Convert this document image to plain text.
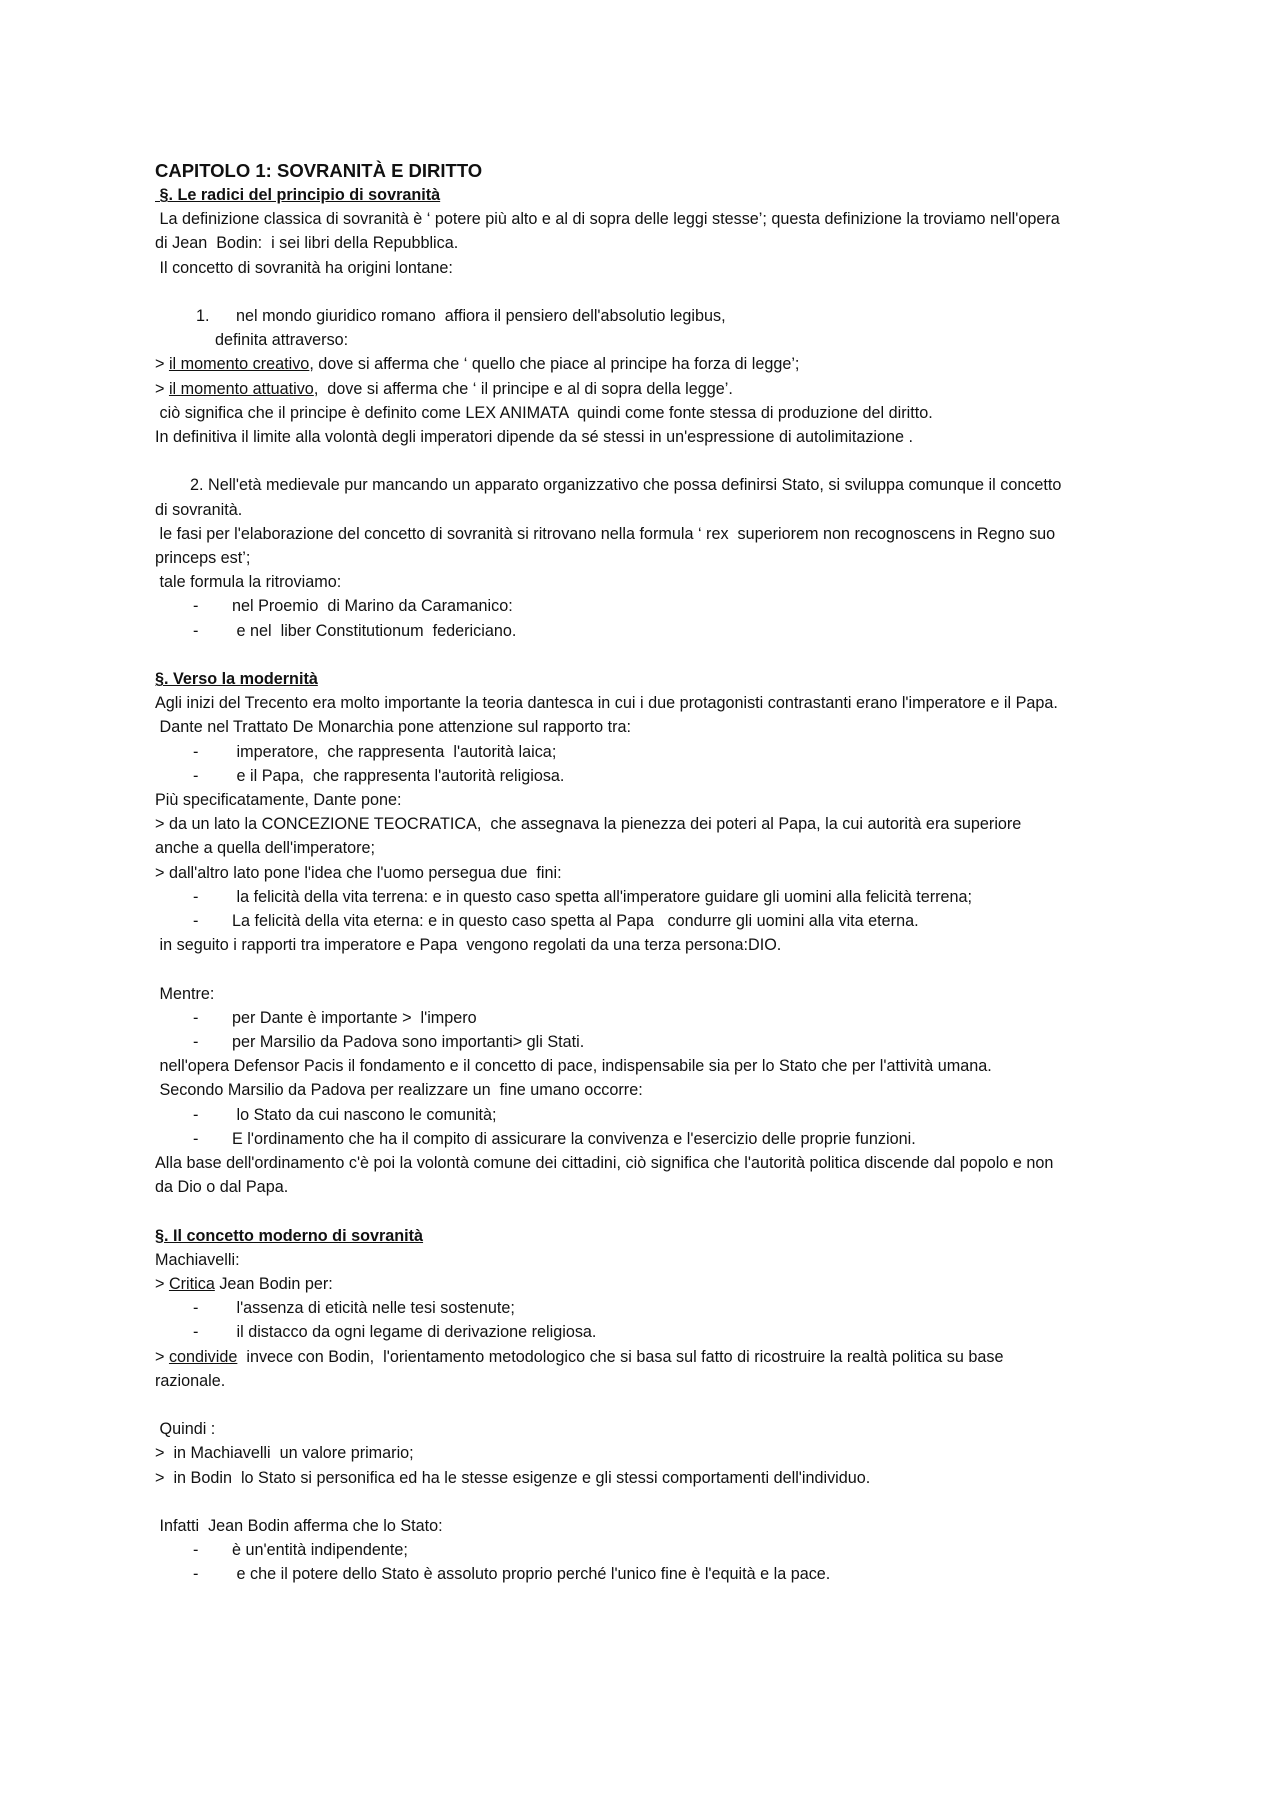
CAPITOLO 1: SOVRANITÀ E DIRITTO
§. Le radici del principio di sovranità
La definizione classica di sovranità è ‘ potere più alto e al di sopra delle leggi stesse’; questa definizione la troviamo nell'opera
di Jean  Bodin:  i sei libri della Repubblica.
Il concetto di sovranità ha origini lontane:
1. nel mondo giuridico romano  affiora il pensiero dell'absolutio legibus,
definita attraverso:
> il momento creativo, dove si afferma che ‘ quello che piace al principe ha forza di legge’;
> il momento attuativo,  dove si afferma che ‘ il principe e al di sopra della legge’.
ciò significa che il principe è definito come LEX ANIMATA  quindi come fonte stessa di produzione del diritto.
In definitiva il limite alla volontà degli imperatori dipende da sé stessi in un'espressione di autolimitazione .
2. Nell'età medievale pur mancando un apparato organizzativo che possa definirsi Stato, si sviluppa comunque il concetto
di sovranità.
le fasi per l'elaborazione del concetto di sovranità si ritrovano nella formula ‘ rex  superiorem non recognoscens in Regno suo
princeps est’;
tale formula la ritroviamo:
- nel Proemio  di Marino da Caramanico:
- e nel  liber Constitutionum  federiciano.
§. Verso la modernità
Agli inizi del Trecento era molto importante la teoria dantesca in cui i due protagonisti contrastanti erano l'imperatore e il Papa.
Dante nel Trattato De Monarchia pone attenzione sul rapporto tra:
- imperatore,  che rappresenta  l'autorità laica;
- e il Papa,  che rappresenta l'autorità religiosa.
Più specificatamente, Dante pone:
> da un lato la CONCEZIONE TEOCRATICA,  che assegnava la pienezza dei poteri al Papa, la cui autorità era superiore
anche a quella dell'imperatore;
> dall'altro lato pone l'idea che l'uomo persegua due  fini:
- la felicità della vita terrena: e in questo caso spetta all'imperatore guidare gli uomini alla felicità terrena;
- La felicità della vita eterna: e in questo caso spetta al Papa   condurre gli uomini alla vita eterna.
in seguito i rapporti tra imperatore e Papa  vengono regolati da una terza persona:DIO.
Mentre:
- per Dante è importante >  l'impero
- per Marsilio da Padova sono importanti> gli Stati.
nell'opera Defensor Pacis il fondamento e il concetto di pace, indispensabile sia per lo Stato che per l'attività umana.
Secondo Marsilio da Padova per realizzare un  fine umano occorre:
- lo Stato da cui nascono le comunità;
- E l'ordinamento che ha il compito di assicurare la convivenza e l'esercizio delle proprie funzioni.
Alla base dell'ordinamento c'è poi la volontà comune dei cittadini, ciò significa che l'autorità politica discende dal popolo e non
da Dio o dal Papa.
§. Il concetto moderno di sovranità
Machiavelli:
> Critica Jean Bodin per:
- l'assenza di eticità nelle tesi sostenute;
- il distacco da ogni legame di derivazione religiosa.
> condivide  invece con Bodin,  l'orientamento metodologico che si basa sul fatto di ricostruire la realtà politica su base
razionale.
Quindi :
>  in Machiavelli  un valore primario;
>  in Bodin  lo Stato si personifica ed ha le stesse esigenze e gli stessi comportamenti dell'individuo.
Infatti  Jean Bodin afferma che lo Stato:
- è un'entità indipendente;
- e che il potere dello Stato è assoluto proprio perché l'unico fine è l'equità e la pace.
